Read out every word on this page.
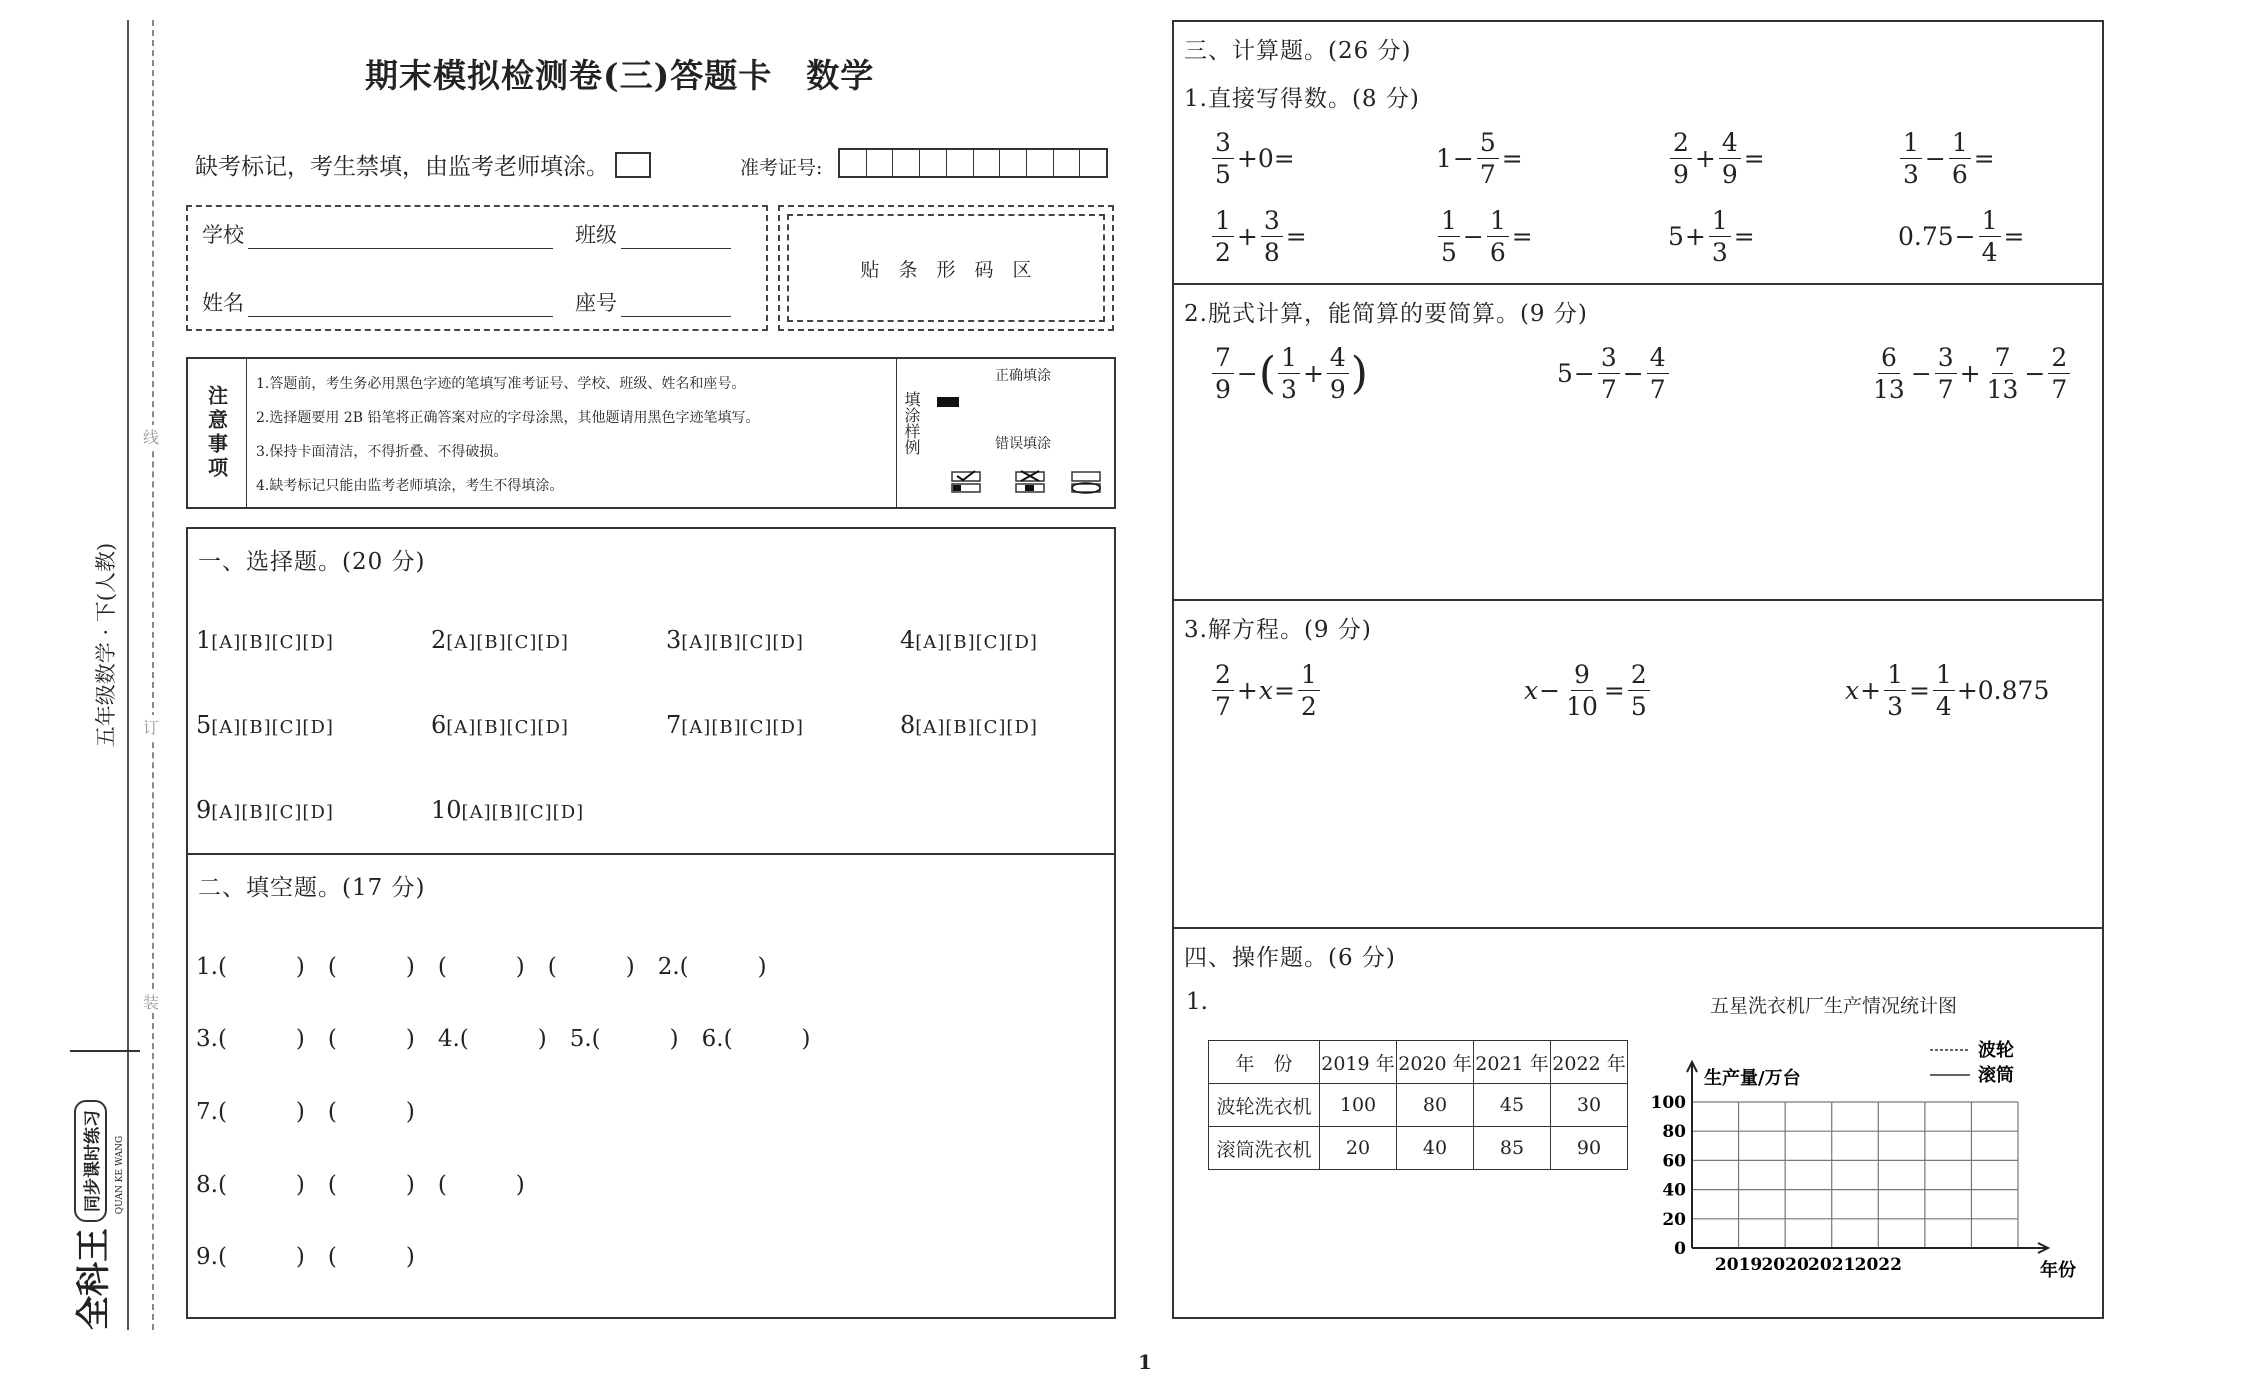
线
订
装
五年级数学 · 下(人教)
全科王
同步课时练习	QUAN KE WANG
期末模拟检测卷(三)答题卡　数学
缺考标记，考生禁填，由监考老师填涂。	准考证号:
学校	班级
姓名	座号
贴　条　形　码　区
注意事项
1.答题前，考生务必用黑色字迹的笔填写准考证号、学校、班级、姓名和座号。
2.选择题要用 2B 铅笔将正确答案对应的字母涂黑，其他题请用黑色字迹笔填写。
3.保持卡面清洁，不得折叠、不得破损。
4.缺考标记只能由监考老师填涂，考生不得填涂。
填涂样例
正确填涂
错误填涂
一、选择题。(20 分)
1[A][B][C][D]	2[A][B][C][D]	3[A][B][C][D]	4[A][B][C][D]
5[A][B][C][D]	6[A][B][C][D]	7[A][B][C][D]	8[A][B][C][D]
9[A][B][C][D]	10[A][B][C][D]
二、填空题。(17 分)
1.(　　　)　(　　　)　(　　　)　(　　　)　2.(　　　)
3.(　　　)　(　　　)　4.(　　　)　5.(　　　)　6.(　　　)
7.(　　　)　(　　　)
8.(　　　)　(　　　)　(　　　)
9.(　　　)　(　　　)
三、计算题。(26 分)
1.直接写得数。(8 分)
$\frac{3}{5} +0=$	$1 - \frac{5}{7}$ =	$\frac{2}{9} + \frac{4}{9}$ =	$\frac{1}{3} - \frac{1}{6}$ =
$\frac{1}{2} + \frac{3}{8}$ =	$\frac{1}{5} - \frac{1}{6}$ =	$5 + \frac{1}{3}$ =	$0.75 - \frac{1}{4}$ =
2.脱式计算，能简算的要简算。(9 分)
$\frac{7}{9}$ − ( $\frac{1}{3} + \frac{4}{9}$ )	$5 - \frac{3}{7} - \frac{4}{7}$	$\frac{6}{13} - \frac{3}{7} + \frac{7}{13} - \frac{2}{7}$
3.解方程。(9 分)
$\frac{2}{7} + x = \frac{1}{2}$	$x - \frac{9}{10} = \frac{2}{5}$	$x + \frac{1}{3} = \frac{1}{4} +0.875$
四、操作题。(6 分)
1.	五星洗衣机厂生产情况统计图
年　份	2019 年	2020 年	2021 年	2022 年
波轮洗衣机	100	80	45	30
滚筒洗衣机	20	40	85	90
0
20
40
60
80
100
2019 2020 2021 2022
生产量/万台
年份
波轮
滚筒
1
